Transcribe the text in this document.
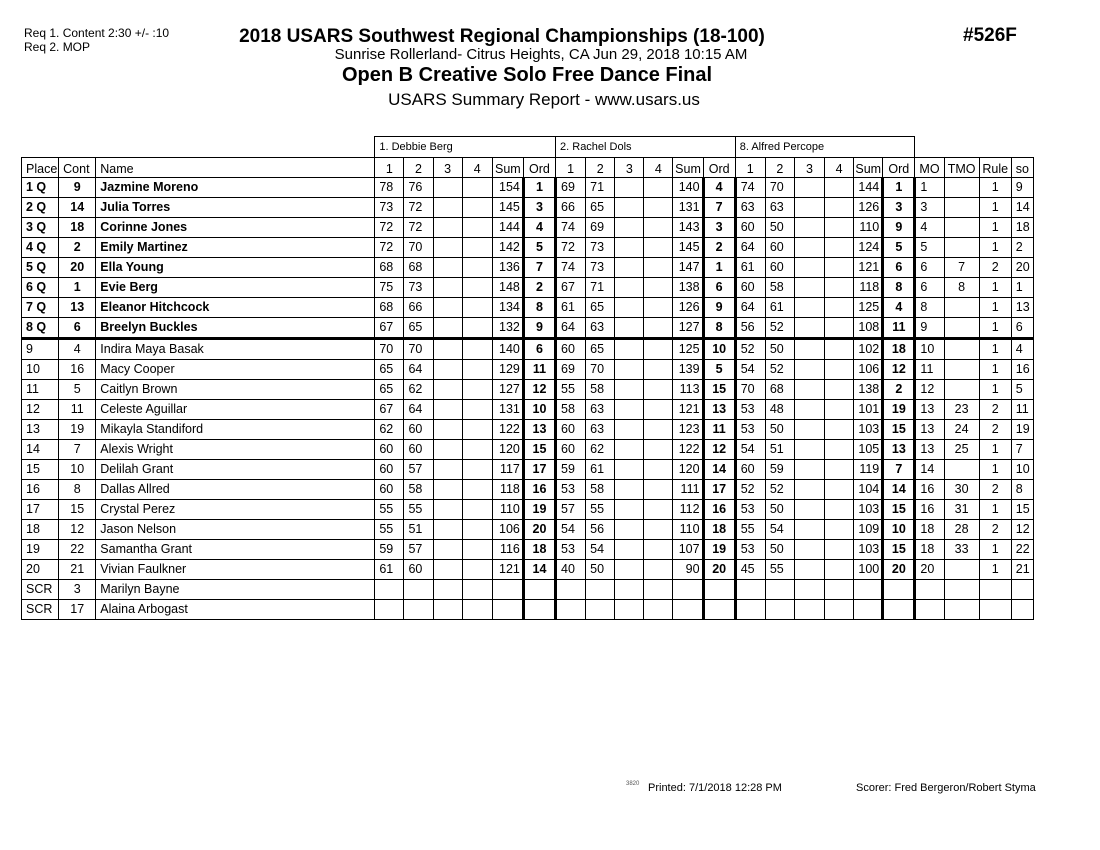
Req 1. Content 2:30 +/- :10
Req 2. MOP	2018 USARS Southwest Regional Championships (18-100)
Sunrise Rollerland- Citrus Heights, CA Jun 29, 2018 10:15 AM
Open B Creative Solo Free Dance Final
USARS Summary Report - www.usars.us
#526F
			1. Debbie Berg						2. Rachel Dols						8. Alfred Percope									
Place	Cont	Name	1	2	3	4	Sum	Ord	1	2	3	4	Sum	Ord	1	2	3	4	Sum	Ord	MO	TMO	Rule	so
1 Q	9	Jazmine Moreno	78	76			154	1	69	71			140	4	74	70			144	1	1		1	9
2 Q	14	Julia Torres	73	72			145	3	66	65			131	7	63	63			126	3	3		1	14
3 Q	18	Corinne Jones	72	72			144	4	74	69			143	3	60	50			110	9	4		1	18
4 Q	2	Emily Martinez	72	70			142	5	72	73			145	2	64	60			124	5	5		1	2
5 Q	20	Ella Young	68	68			136	7	74	73			147	1	61	60			121	6	6	7	2	20
6 Q	1	Evie Berg	75	73			148	2	67	71			138	6	60	58			118	8	6	8	1	1
7 Q	13	Eleanor Hitchcock	68	66			134	8	61	65			126	9	64	61			125	4	8		1	13
8 Q	6	Breelyn Buckles	67	65			132	9	64	63			127	8	56	52			108	11	9		1	6
9	4	Indira Maya Basak	70	70			140	6	60	65			125	10	52	50			102	18	10		1	4
10	16	Macy Cooper	65	64			129	11	69	70			139	5	54	52			106	12	11		1	16
11	5	Caitlyn Brown	65	62			127	12	55	58			113	15	70	68			138	2	12		1	5
12	11	Celeste Aguillar	67	64			131	10	58	63			121	13	53	48			101	19	13	23	2	11
13	19	Mikayla Standiford	62	60			122	13	60	63			123	11	53	50			103	15	13	24	2	19
14	7	Alexis Wright	60	60			120	15	60	62			122	12	54	51			105	13	13	25	1	7
15	10	Delilah Grant	60	57			117	17	59	61			120	14	60	59			119	7	14		1	10
16	8	Dallas Allred	60	58			118	16	53	58			111	17	52	52			104	14	16	30	2	8
17	15	Crystal Perez	55	55			110	19	57	55			112	16	53	50			103	15	16	31	1	15
18	12	Jason Nelson	55	51			106	20	54	56			110	18	55	54			109	10	18	28	2	12
19	22	Samantha Grant	59	57			116	18	53	54			107	19	53	50			103	15	18	33	1	22
20	21	Vivian Faulkner	61	60			121	14	40	50			90	20	45	55			100	20	20		1	21
SCR	3	Marilyn Bayne																						
SCR	17	Alaina Arbogast																						
3820 Printed: 7/1/2018 12:28 PM	Scorer: Fred Bergeron/Robert Styma
